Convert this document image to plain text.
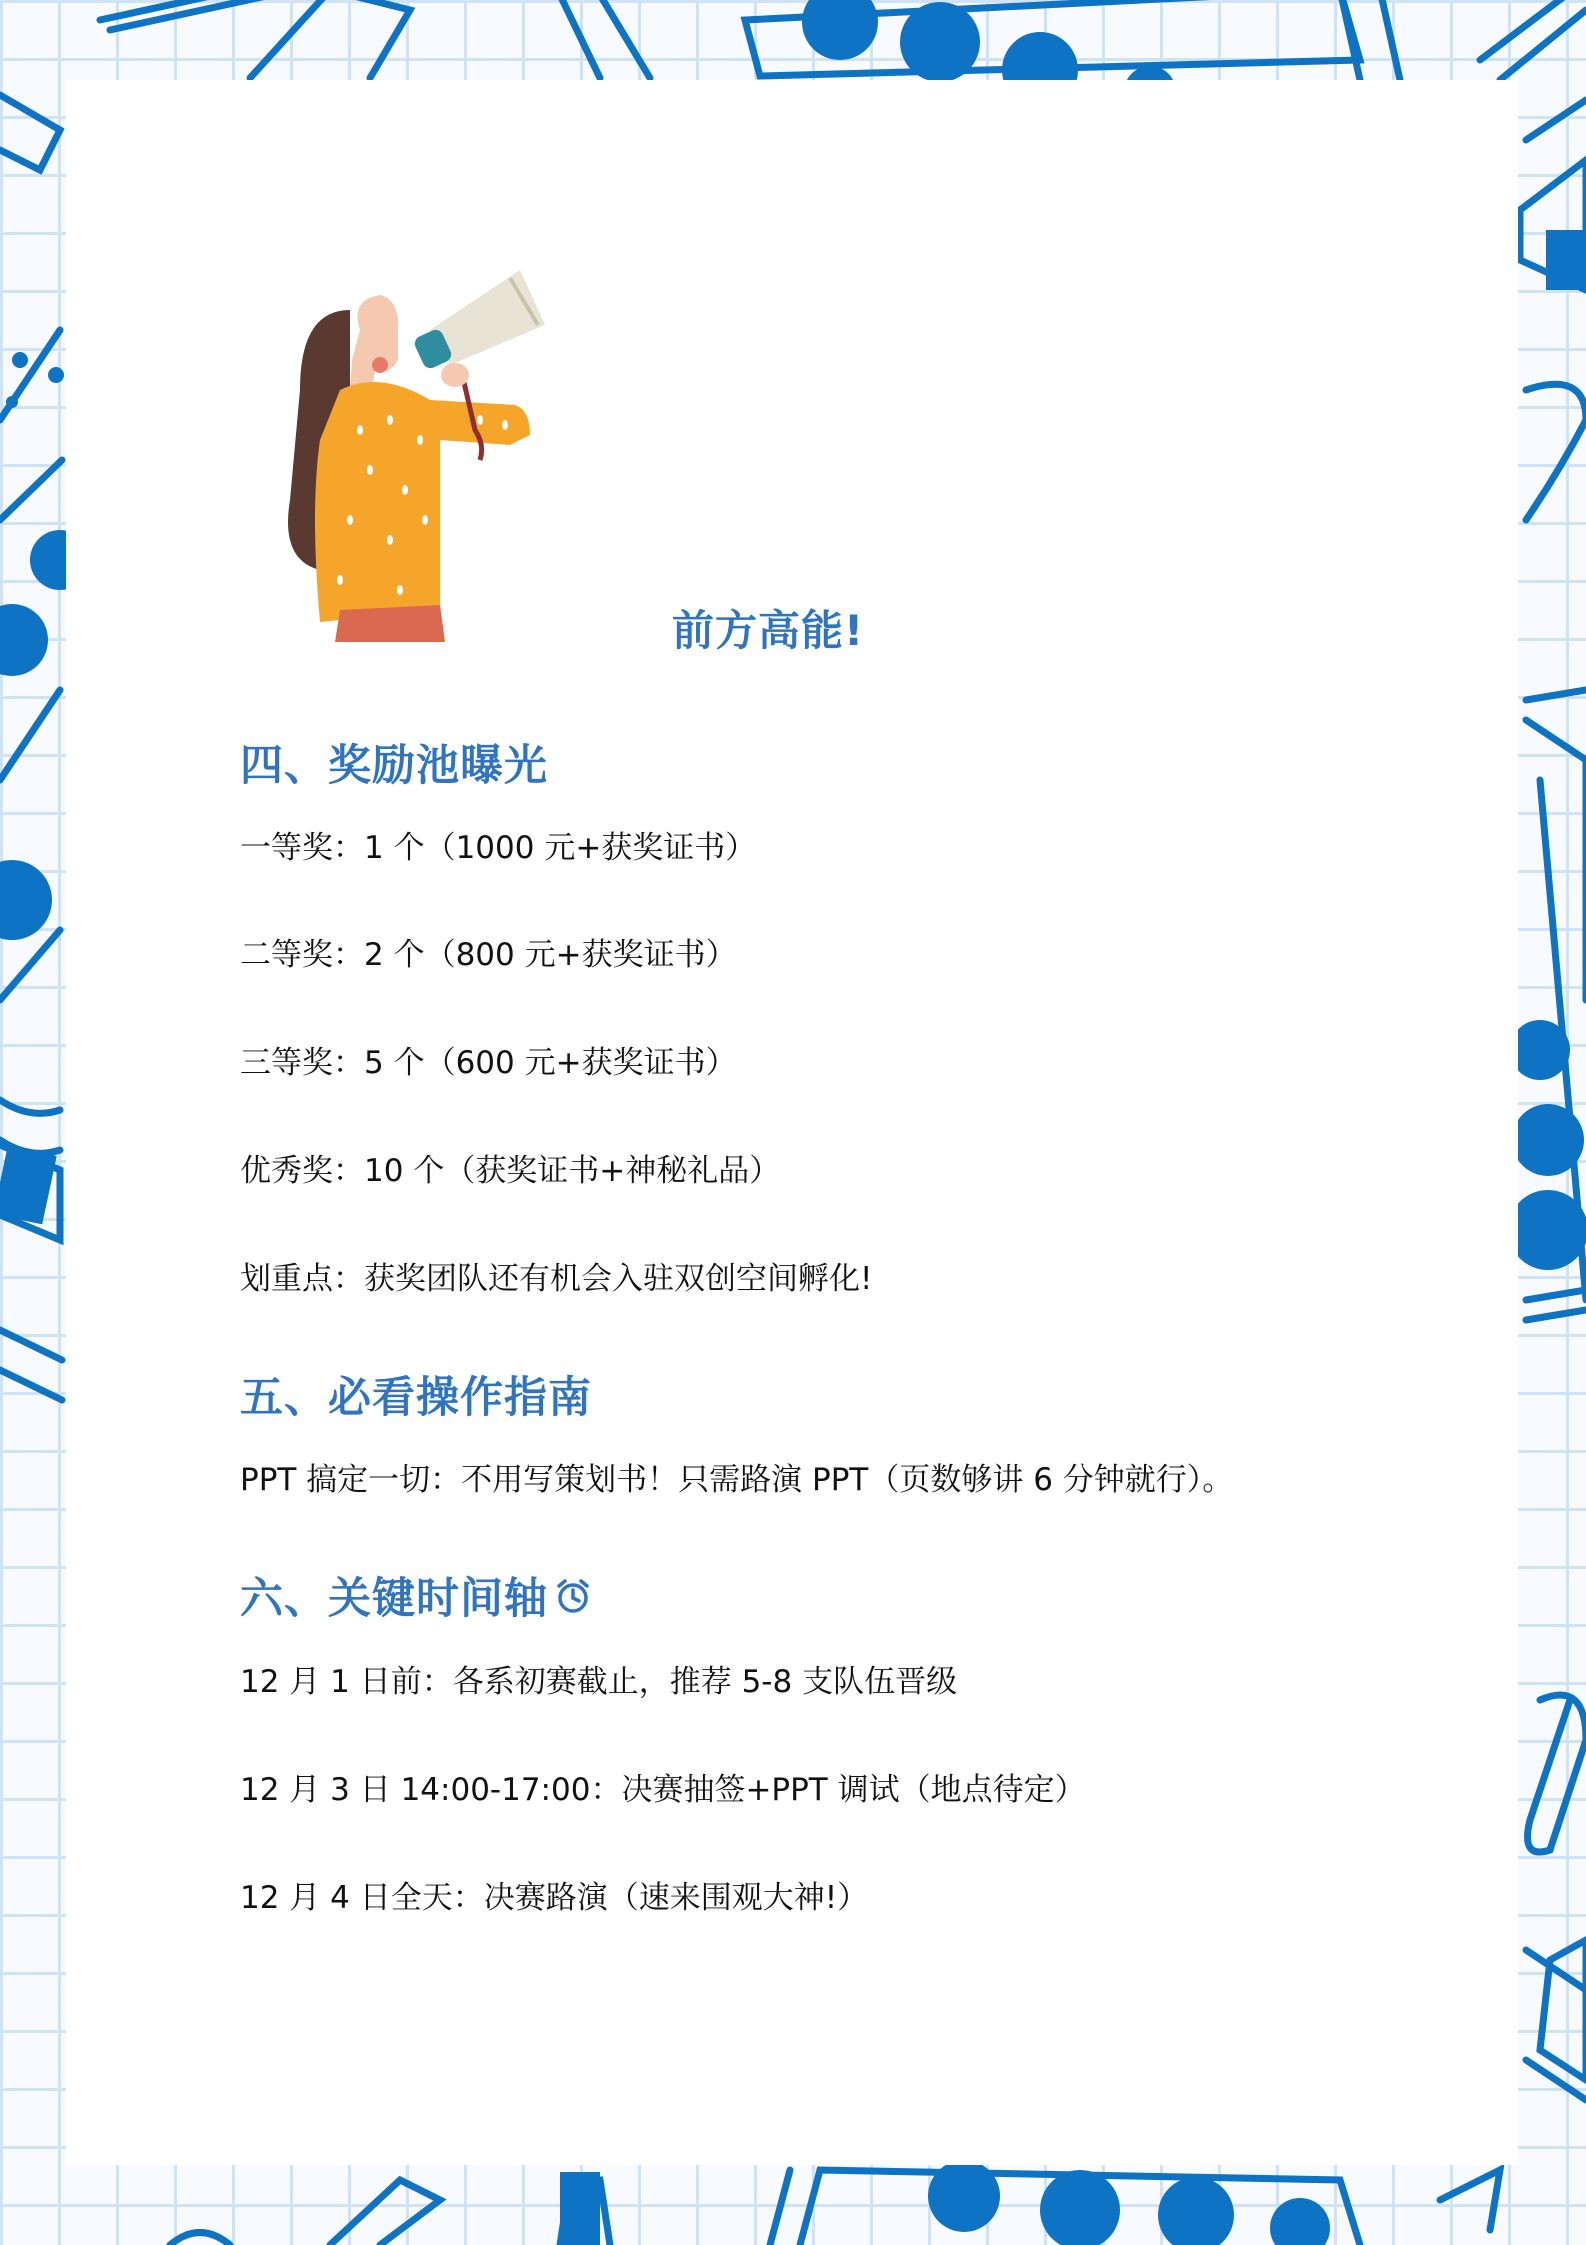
前方高能!
四、奖励池曝光

一等奖：1 个（1000 元+获奖证书）

二等奖：2 个（800 元+获奖证书）

三等奖：5 个（600 元+获奖证书）

优秀奖：10 个（获奖证书+神秘礼品）

划重点：获奖团队还有机会入驻双创空间孵化!

五、必看操作指南

PPT 搞定一切：不用写策划书！只需路演 PPT（页数够讲 6 分钟就行）。

六、关键时间轴

12 月 1 日前：各系初赛截止，推荐 5-8 支队伍晋级

12 月 3 日 14:00-17:00：决赛抽签+PPT 调试（地点待定）

12 月 4 日全天：决赛路演（速来围观大神!）
